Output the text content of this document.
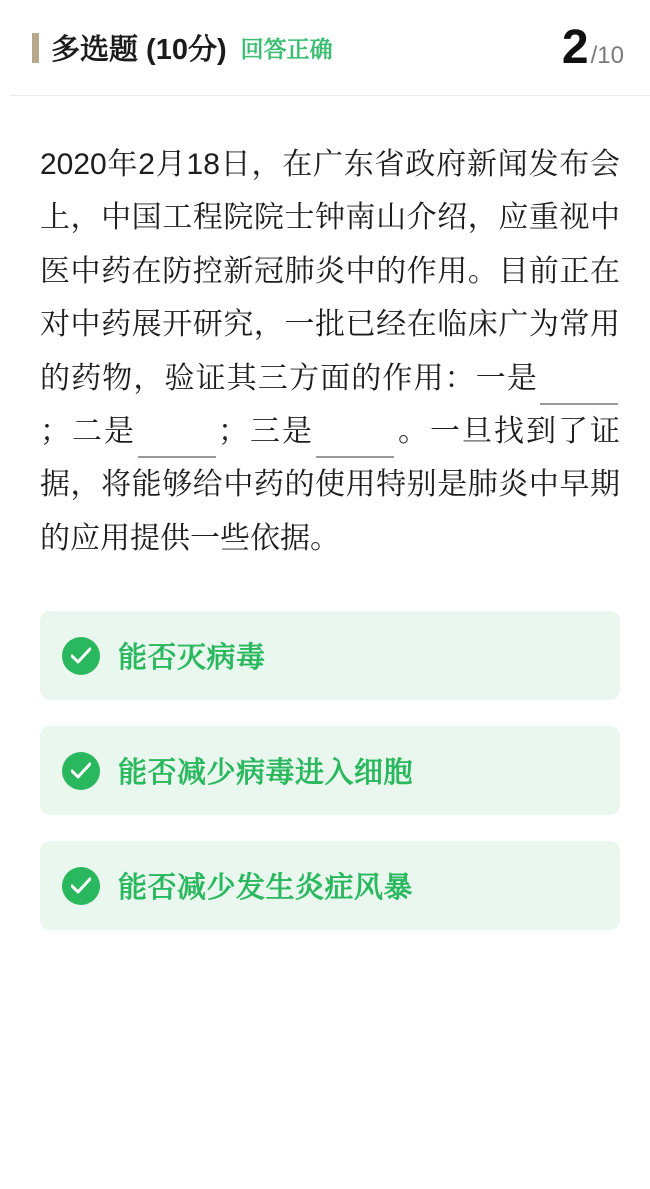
多选题 (10分) 回答正确	2 /10
2020年2月18日，在广东省政府新闻发布会上，中国工程院院士钟南山介绍，应重视中医中药在防控新冠肺炎中的作用。目前正在对中药展开研究，一批已经在临床广为常用的药物，验证其三方面的作用：一是；二是	；三是	。一旦找到了证据，将能够给中药的使用特别是肺炎中早期的应用提供一些依据。
能否灭病毒
能否减少病毒进入细胞
能否减少发生炎症风暴
